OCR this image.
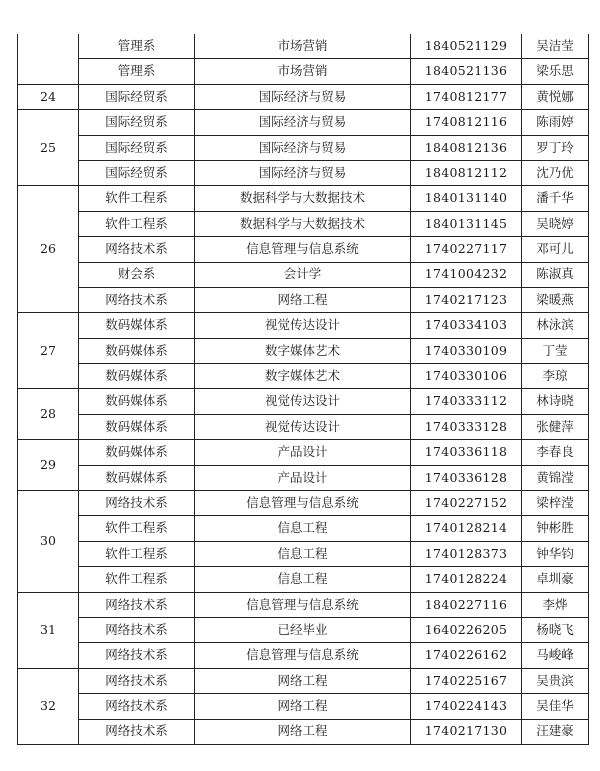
	管理系	市场营销	1840521129	吴洁莹
	管理系	市场营销	1840521136	梁乐思
24	国际经贸系	国际经济与贸易	1740812177	黄悦娜
25	国际经贸系	国际经济与贸易	1740812116	陈雨婷
	国际经贸系	国际经济与贸易	1840812136	罗丁玲
	国际经贸系	国际经济与贸易	1840812112	沈乃优
26	软件工程系	数据科学与大数据技术	1840131140	潘千华
	软件工程系	数据科学与大数据技术	1840131145	吴晓婷
	网络技术系	信息管理与信息系统	1740227117	邓可儿
	财会系	会计学	1741004232	陈淑真
	网络技术系	网络工程	1740217123	梁暖燕
27	数码媒体系	视觉传达设计	1740334103	林泳滨
	数码媒体系	数字媒体艺术	1740330109	丁莹
	数码媒体系	数字媒体艺术	1740330106	李琼
28	数码媒体系	视觉传达设计	1740333112	林诗晓
	数码媒体系	视觉传达设计	1740333128	张健萍
29	数码媒体系	产品设计	1740336118	李春良
	数码媒体系	产品设计	1740336128	黄锦滢
30	网络技术系	信息管理与信息系统	1740227152	梁梓滢
	软件工程系	信息工程	1740128214	钟彬胜
	软件工程系	信息工程	1740128373	钟华钧
	软件工程系	信息工程	1740128224	卓圳豪
31	网络技术系	信息管理与信息系统	1840227116	李烨
	网络技术系	已经毕业	1640226205	杨晓飞
	网络技术系	信息管理与信息系统	1740226162	马峻峰
32	网络技术系	网络工程	1740225167	吴贵滨
	网络技术系	网络工程	1740224143	吴佳华
	网络技术系	网络工程	1740217130	汪建豪
